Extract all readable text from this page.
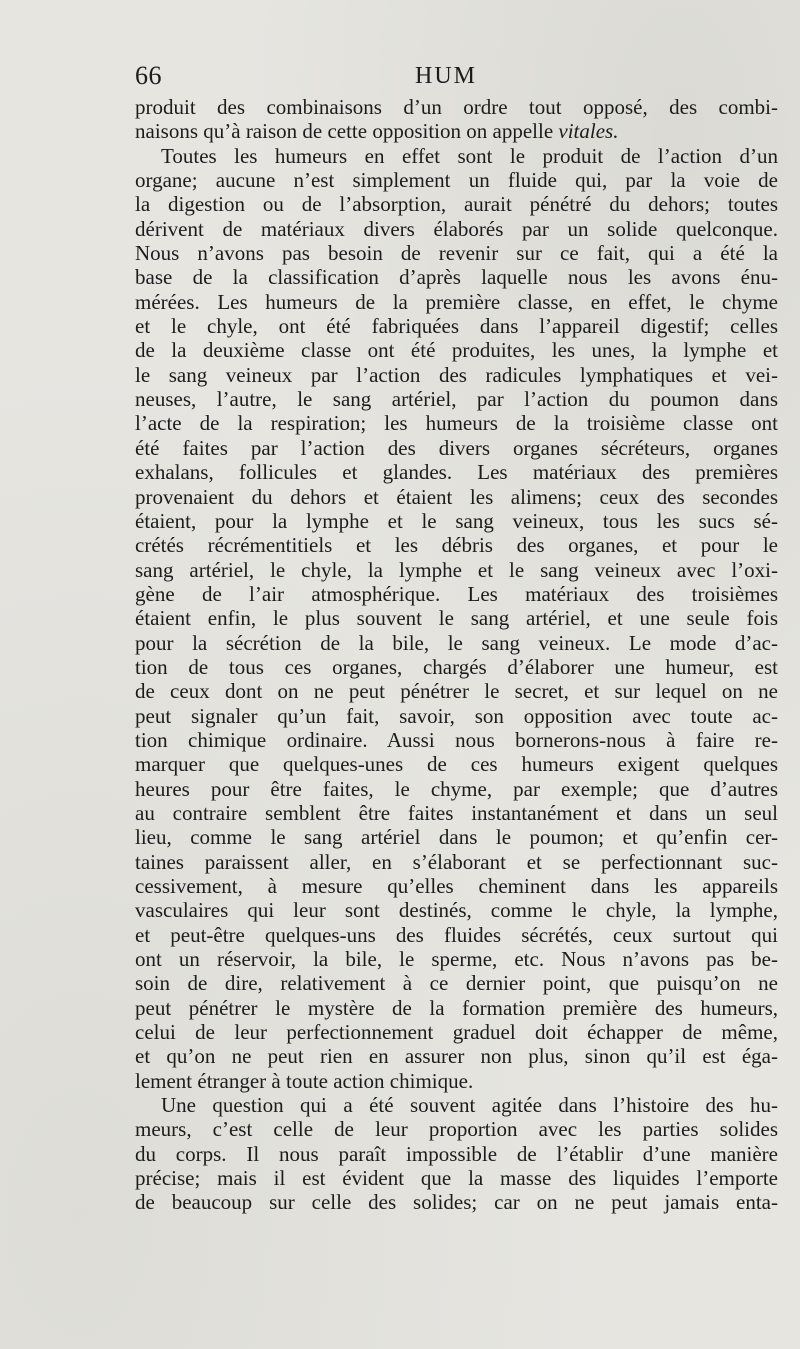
66	HUM
produit des combinaisons d’un ordre tout opposé, des combi-
naisons qu’à raison de cette opposition on appelle vitales.
Toutes les humeurs en effet sont le produit de l’action d’un
organe; aucune n’est simplement un fluide qui, par la voie de
la digestion ou de l’absorption, aurait pénétré du dehors; toutes
dérivent de matériaux divers élaborés par un solide quelconque.
Nous n’avons pas besoin de revenir sur ce fait, qui a été la
base de la classification d’après laquelle nous les avons énu-
mérées. Les humeurs de la première classe, en effet, le chyme
et le chyle, ont été fabriquées dans l’appareil digestif; celles
de la deuxième classe ont été produites, les unes, la lymphe et
le sang veineux par l’action des radicules lymphatiques et vei-
neuses, l’autre, le sang artériel, par l’action du poumon dans
l’acte de la respiration; les humeurs de la troisième classe ont
été faites par l’action des divers organes sécréteurs, organes
exhalans, follicules et glandes. Les matériaux des premières
provenaient du dehors et étaient les alimens; ceux des secondes
étaient, pour la lymphe et le sang veineux, tous les sucs sé-
crétés récrémentitiels et les débris des organes, et pour le
sang artériel, le chyle, la lymphe et le sang veineux avec l’oxi-
gène de l’air atmosphérique. Les matériaux des troisièmes
étaient enfin, le plus souvent le sang artériel, et une seule fois
pour la sécrétion de la bile, le sang veineux. Le mode d’ac-
tion de tous ces organes, chargés d’élaborer une humeur, est
de ceux dont on ne peut pénétrer le secret, et sur lequel on ne
peut signaler qu’un fait, savoir, son opposition avec toute ac-
tion chimique ordinaire. Aussi nous bornerons-nous à faire re-
marquer que quelques-unes de ces humeurs exigent quelques
heures pour être faites, le chyme, par exemple; que d’autres
au contraire semblent être faites instantanément et dans un seul
lieu, comme le sang artériel dans le poumon; et qu’enfin cer-
taines paraissent aller, en s’élaborant et se perfectionnant suc-
cessivement, à mesure qu’elles cheminent dans les appareils
vasculaires qui leur sont destinés, comme le chyle, la lymphe,
et peut-être quelques-uns des fluides sécrétés, ceux surtout qui
ont un réservoir, la bile, le sperme, etc. Nous n’avons pas be-
soin de dire, relativement à ce dernier point, que puisqu’on ne
peut pénétrer le mystère de la formation première des humeurs,
celui de leur perfectionnement graduel doit échapper de même,
et qu’on ne peut rien en assurer non plus, sinon qu’il est éga-
lement étranger à toute action chimique.
Une question qui a été souvent agitée dans l’histoire des hu-
meurs, c’est celle de leur proportion avec les parties solides
du corps. Il nous paraît impossible de l’établir d’une manière
précise; mais il est évident que la masse des liquides l’emporte
de beaucoup sur celle des solides; car on ne peut jamais enta-
